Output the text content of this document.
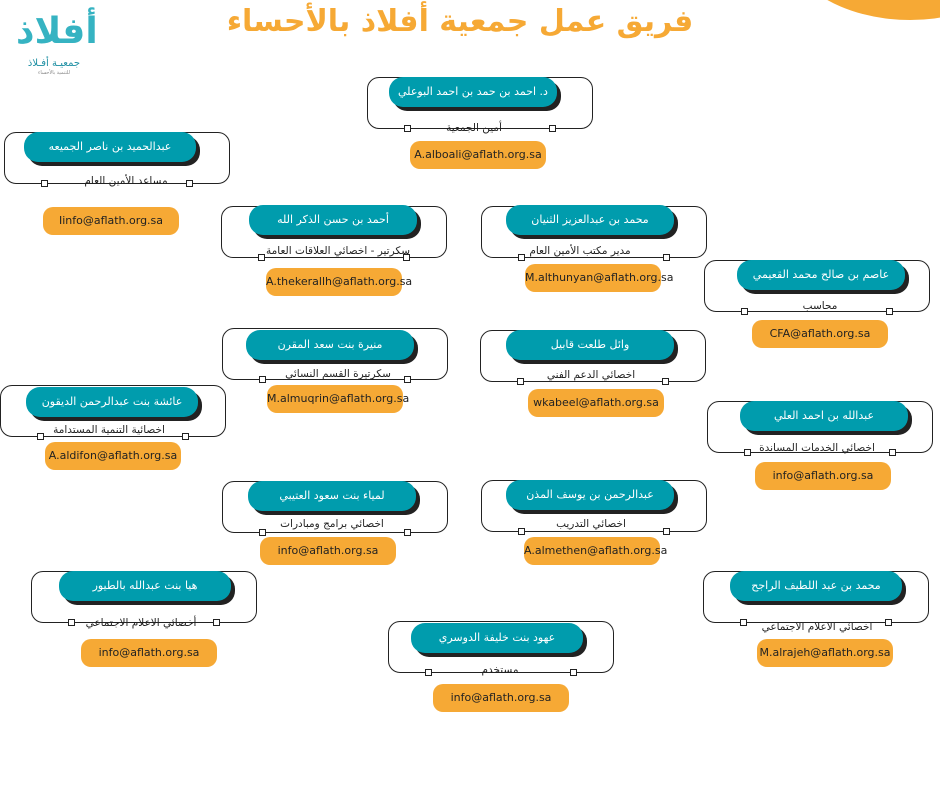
أفلاذ
جمعيـة أفـلاذ
للتنمية بالأحساء
فريق عمل جمعية أفلاذ بالأحساء
د. احمد بن حمد بن احمد البوعلي
أمين الجمعية
A.alboali@aflath.org.sa
عبدالحميد بن ناصر الجميعه
مساعد الأمين العام
Iinfo@aflath.org.sa	أحمد بن حسن الذكر الله
سكرتير - اخصائي العلاقات العامة
A.thekerallh@aflath.org.sa
محمد بن عبدالعزيز الثنيان
مدير مكتب الأمين العام
M.althunyan@aflath.org.sa	عاصم بن صالح محمد القعيمي
محاسب
CFA@aflath.org.sa
منيرة بنت سعد المقرن
سكرتيرة القسم النسائي
M.almuqrin@aflath.org.sa
وائل طلعت قابيل
اخصائي الدعم الفني
wkabeel@aflath.org.sa
عائشة بنت عبدالرحمن الديقون
اخصائية التنمية المستدامة
A.aldifon@aflath.org.sa
عبدالله بن احمد العلي
اخصائي الخدمات المساندة
info@aflath.org.sa
لمياء بنت سعود العتيبي
اخصائي برامج ومبادرات
info@aflath.org.sa
عبدالرحمن بن يوسف المذن
اخصائي التدريب
A.almethen@aflath.org.sa
هيا بنت عبدالله بالطيور
أخصائي الاعلام الاجتماعي
info@aflath.org.sa
محمد بن عبد اللطيف الراجح
اخصائي الاعلام الاجتماعي
M.alrajeh@aflath.org.sa
عهود بنت خليفة الدوسري
مستخدم
info@aflath.org.sa
